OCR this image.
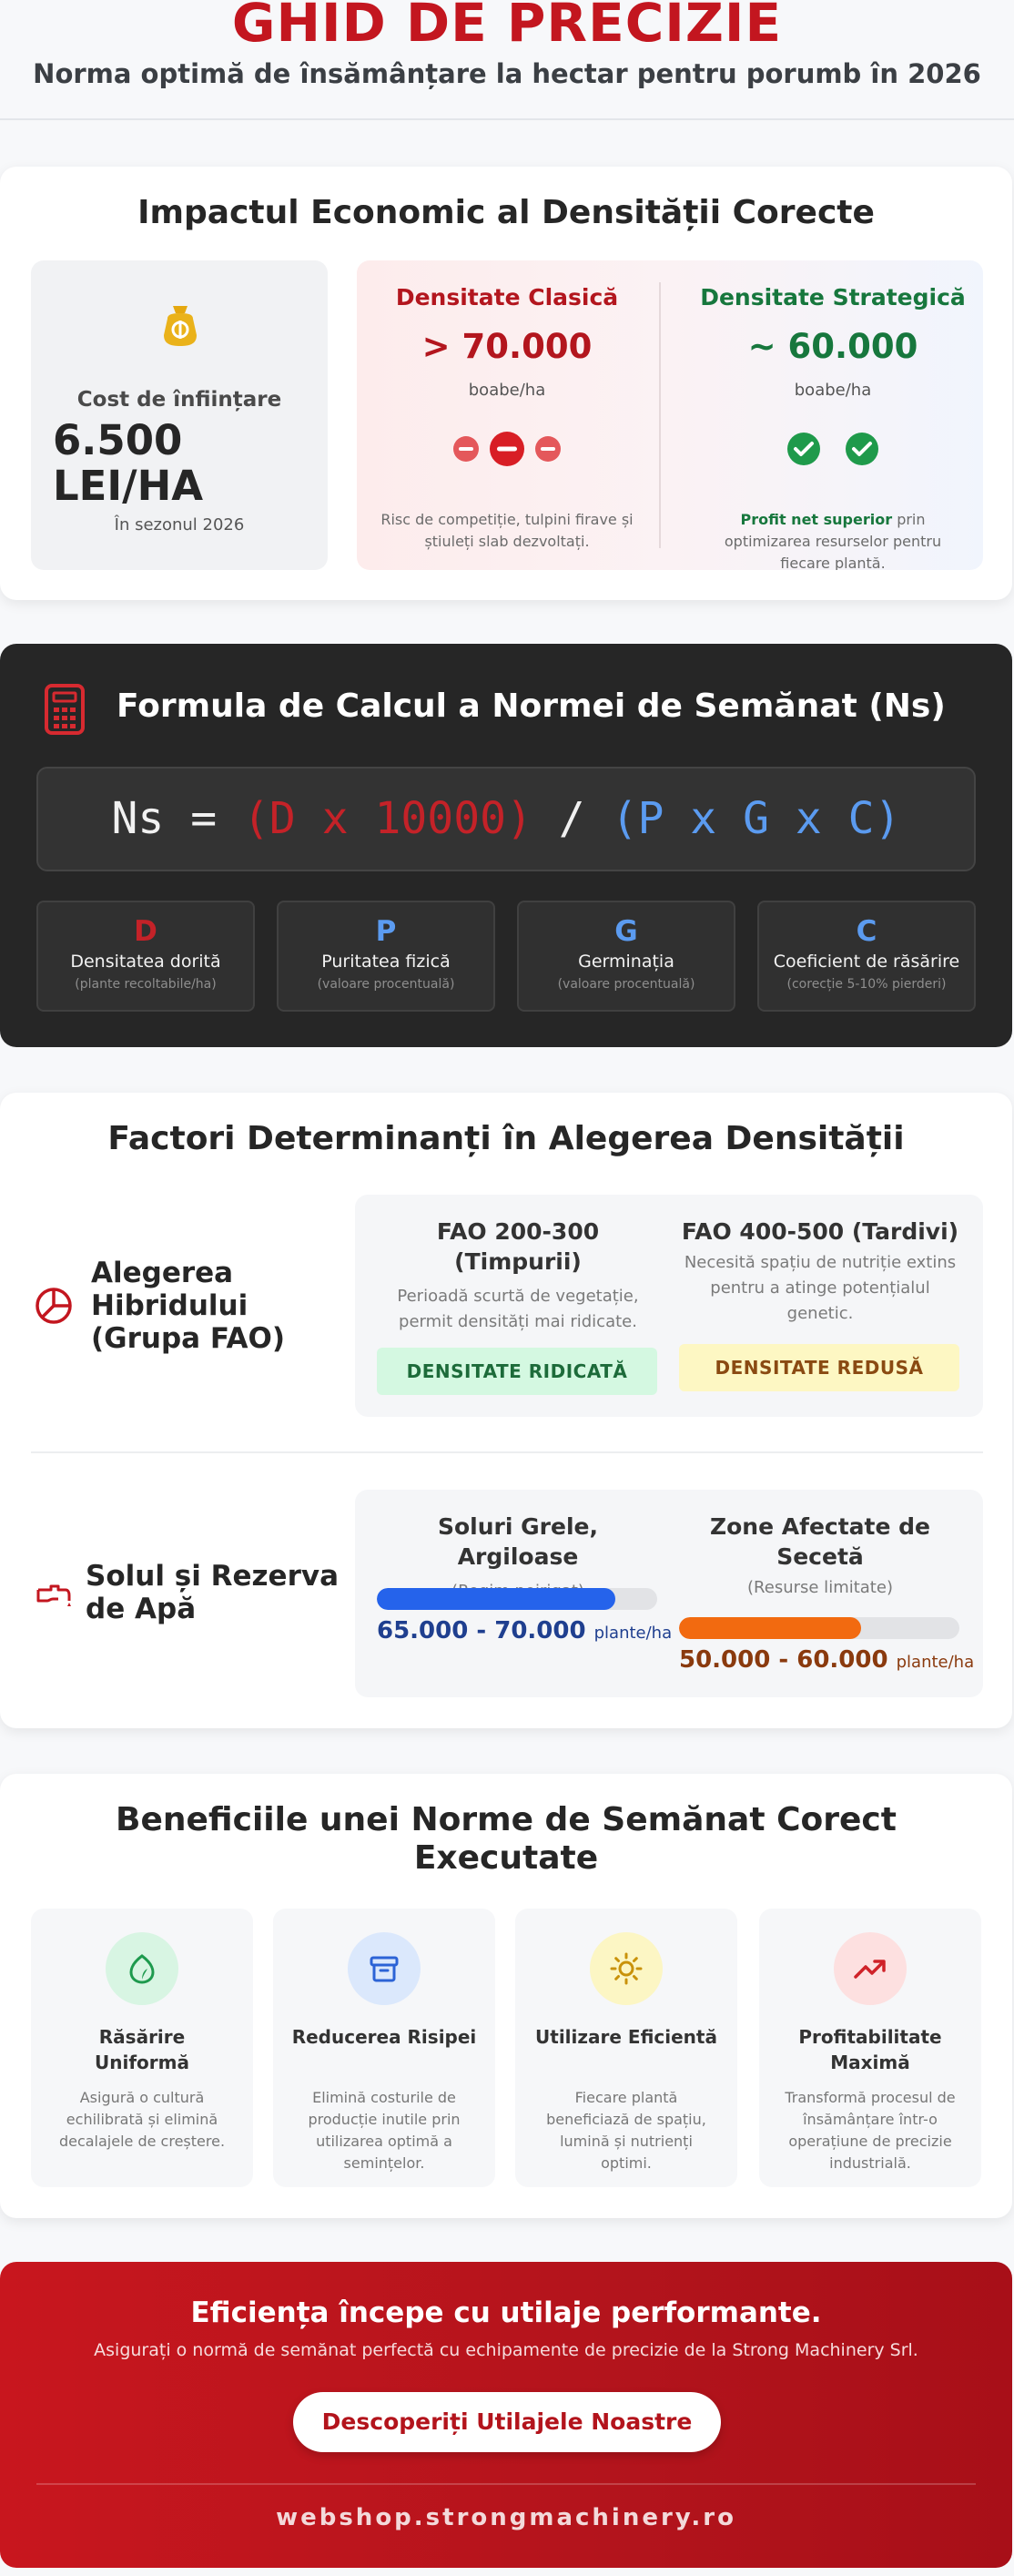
GHID DE PRECIZIE
Norma optimă de însămânțare la hectar pentru porumb în 2026
Impactul Economic al Densității Corecte
Cost de înființare
6.500 LEI/HA
În sezonul 2026
Densitate Clasică
> 70.000
boabe/ha
Risc de competiție, tulpini firave și știuleți slab dezvoltați.
Densitate Strategică
~ 60.000
boabe/ha
Profit net superior prin optimizarea resurselor pentru fiecare plantă.
Formula de Calcul a Normei de Semănat (Ns)
Ns = (D x 10000) / (P x G x C)
D
Densitatea dorită
(plante recoltabile/ha)
P
Puritatea fizică
(valoare procentuală)
G
Germinația
(valoare procentuală)
C
Coeficient de răsărire
(corecție 5-10% pierderi)
Factori Determinanți în Alegerea Densității
Alegerea Hibridului (Grupa FAO)
FAO 200-300 (Timpurii)
Perioadă scurtă de vegetație, permit densități mai ridicate.
DENSITATE RIDICATĂ
FAO 400-500 (Tardivi)
Necesită spațiu de nutriție extins pentru a atinge potențialul genetic.
DENSITATE REDUSĂ
Solul și Rezerva de Apă
Soluri Grele, Argiloase
65.000 - 70.000 plante/ha
Zone Afectate de Secetă
(Resurse limitate)
50.000 - 60.000 plante/ha
Beneficiile unei Norme de Semănat Corect Executate
Răsărire Uniformă
Asigură o cultură echilibrată și elimină decalajele de creștere.
Reducerea Risipei
Elimină costurile de producție inutile prin utilizarea optimă a semințelor.
Utilizare Eficientă
Fiecare plantă beneficiază de spațiu, lumină și nutrienți optimi.
Profitabilitate Maximă
Transformă procesul de însămânțare într-o operațiune de precizie industrială.
Eficiența începe cu utilaje performante.
Asigurați o normă de semănat perfectă cu echipamente de precizie de la Strong Machinery Srl.
Descoperiți Utilajele Noastre
webshop.strongmachinery.ro
